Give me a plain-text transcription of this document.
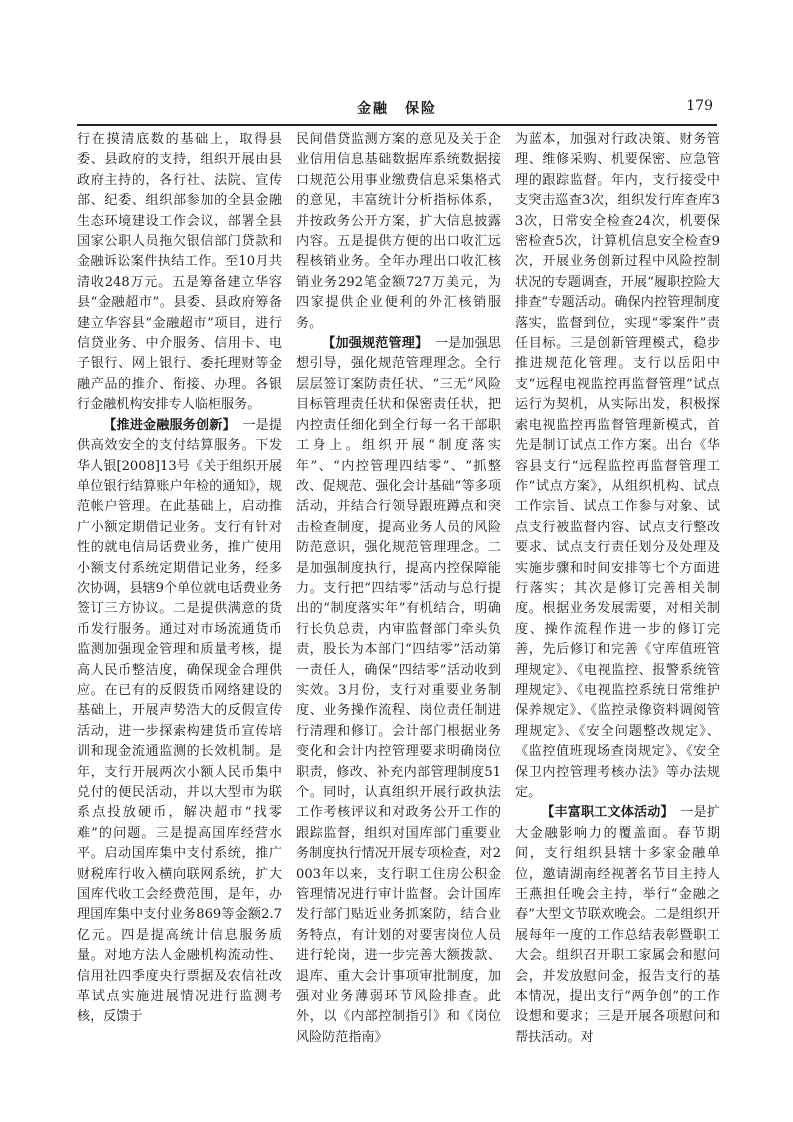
金融　保险	179

行在摸清底数的基础上，取得县委、县政府的支持，组织开展由县政府主持的，各行社、法院、宣传部、纪委、组织部参加的全县金融生态环境建设工作会议，部署全县国家公职人员拖欠银信部门贷款和金融诉讼案件执结工作。至10月共清收248万元。五是筹备建立华容县“金融超市”。县委、县政府筹备建立华容县“金融超市”项目，进行信贷业务、中介服务、信用卡、电子银行、网上银行、委托理财等金融产品的推介、衔接、办理。各银行金融机构安排专人临柜服务。

【推进金融服务创新】　 一是提供高效安全的支付结算服务。下发华人银[2008]13号《关于组织开展单位银行结算账户年检的通知》，规范帐户管理。在此基础上，启动推广小额定期借记业务。支行有针对性的就电信局话费业务，推广使用小额支付系统定期借记业务，经多次协调，县辖9个单位就电话费业务签订三方协议。二是提供满意的货币发行服务。通过对市场流通货币监测加强现金管理和质量考核，提高人民币整洁度，确保现金合理供应。在已有的反假货币网络建设的基础上，开展声势浩大的反假宣传活动，进一步探索构建货币宣传培训和现金流通监测的长效机制。是年，支行开展两次小额人民币集中兑付的便民活动，并以大型市为联系点投放硬币，解决超市“找零难”的问题。三是提高国库经营水平。启动国库集中支付系统，推广财税库行收入横向联网系统，扩大国库代收工会经费范围，是年，办理国库集中支付业务869等金额2.7亿元。四是提高统计信息服务质量。对地方法人金融机构流动性、信用社四季度央行票据及农信社改革试点实施进展情况进行监测考核，反馈于

民间借贷监测方案的意见及关于企业信用信息基础数据库系统数据接口规范公用事业缴费信息采集格式的意见，丰富统计分析指标体系，并按政务公开方案，扩大信息披露内容。五是提供方便的出口收汇远程核销业务。全年办理出口收汇核销业务292笔金额727万美元，为四家提供企业便利的外汇核销服务。

【加强规范管理】　 一是加强思想引导，强化规范管理理念。全行层层签订案防责任状、“三无”风险目标管理责任状和保密责任状，把内控责任细化到全行每一名干部职工身上。组织开展“制度落实年”、“内控管理四结零”、“抓整改、促规范、强化会计基础”等多项活动，并结合行领导跟班蹲点和突击检查制度，提高业务人员的风险防范意识，强化规范管理理念。二是加强制度执行，提高内控保障能力。支行把“四结零”活动与总行提出的“制度落实年”有机结合，明确行长负总责，内审监督部门牵头负责，股长为本部门“四结零”活动第一责任人，确保“四结零”活动收到实效。3月份，支行对重要业务制度、业务操作流程、岗位责任制进行清理和修订。会计部门根据业务变化和会计内控管理要求明确岗位职责，修改、补充内部管理制度51个。同时，认真组织开展行政执法工作考核评议和对政务公开工作的跟踪监督，组织对国库部门重要业务制度执行情况开展专项检查，对2003年以来，支行职工住房公积金管理情况进行审计监督。会计国库发行部门贴近业务抓案防，结合业务特点，有计划的对要害岗位人员进行轮岗，进一步完善大额拨款、退库、重大会计事项审批制度，加强对业务薄弱环节风险排查。此外，以《内部控制指引》和《岗位风险防范指南》

为蓝本，加强对行政决策、财务管理、维修采购、机要保密、应急管理的跟踪监督。年内，支行接受中支突击巡查3次，组织发行库查库33次，日常安全检查24次，机要保密检查5次，计算机信息安全检查9次，开展业务创新过程中风险控制状况的专题调查，开展“履职控险大排查”专题活动。确保内控管理制度落实，监督到位，实现“零案件”责任目标。三是创新管理模式，稳步推进规范化管理。支行以岳阳中支“远程电视监控再监督管理”试点运行为契机，从实际出发，积极探索电视监控再监督管理新模式，首先是制订试点工作方案。出台《华容县支行“远程监控再监督管理工作”试点方案》，从组织机构、试点工作宗旨、试点工作参与对象、试点支行被监督内容、试点支行整改要求、试点支行责任划分及处理及实施步骤和时间安排等七个方面进行落实；其次是修订完善相关制度。根据业务发展需要，对相关制度、操作流程作进一步的修订完善，先后修订和完善《守库值班管理规定》、《电视监控、报警系统管理规定》、《电视监控系统日常维护保养规定》、《监控录像资料调阅管理规定》、《安全问题整改规定》、《监控值班现场查岗规定》、《安全保卫内控管理考核办法》等办法规定。

【丰富职工文体活动】　 一是扩大金融影响力的覆盖面。春节期间，支行组织县辖十多家金融单位，邀请湖南经视著名节目主持人王燕担任晚会主持，举行“金融之春”大型文节联欢晚会。二是组织开展每年一度的工作总结表彰暨职工大会。组织召开职工家属会和慰问会，并发放慰问金，报告支行的基本情况，提出支行“两争创”的工作设想和要求；三是开展各项慰问和帮扶活动。对
